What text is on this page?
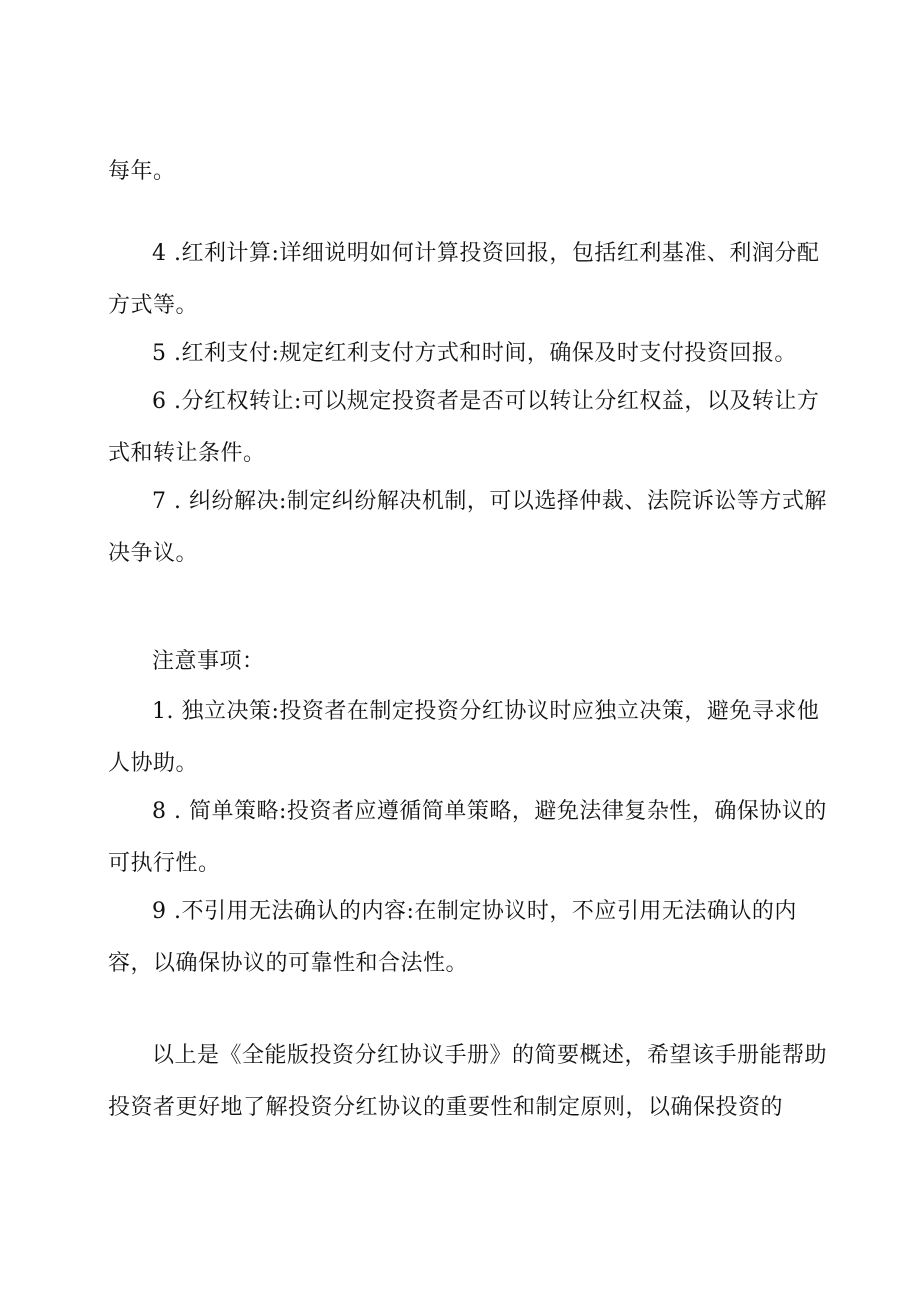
每年。

4 .红利计算:详细说明如何计算投资回报，包括红利基准、利润分配方式等。

5 .红利支付:规定红利支付方式和时间，确保及时支付投资回报。

6 .分红权转让:可以规定投资者是否可以转让分红权益，以及转让方式和转让条件。

7 . 纠纷解决:制定纠纷解决机制，可以选择仲裁、法院诉讼等方式解决争议。

注意事项：

1. 独立决策:投资者在制定投资分红协议时应独立决策，避免寻求他人协助。

8 . 简单策略:投资者应遵循简单策略，避免法律复杂性，确保协议的可执行性。

9 .不引用无法确认的内容:在制定协议时，不应引用无法确认的内容，以确保协议的可靠性和合法性。

以上是《全能版投资分红协议手册》的简要概述，希望该手册能帮助投资者更好地了解投资分红协议的重要性和制定原则，以确保投资的
